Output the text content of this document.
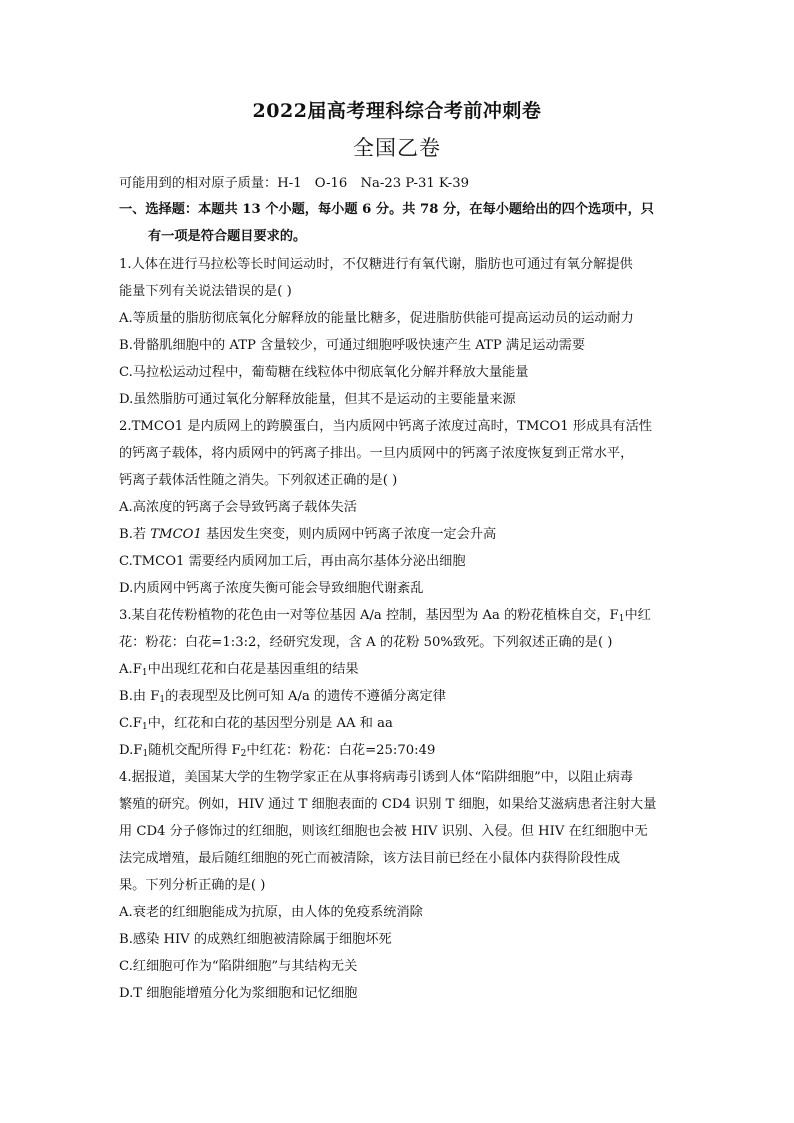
2022届高考理科综合考前冲刺卷
全国乙卷
可能用到的相对原子质量：H-1　O-16　Na-23 P-31 K-39
一、选择题：本题共 13 个小题，每小题 6 分。共 78 分，在每小题给出的四个选项中，只
有一项是符合题目要求的。
1.人体在进行马拉松等长时间运动时，不仅糖进行有氧代谢，脂肪也可通过有氧分解提供
能量下列有关说法错误的是( )
A.等质量的脂肪彻底氧化分解释放的能量比糖多，促进脂肪供能可提高运动员的运动耐力
B.骨骼肌细胞中的 ATP 含量较少，可通过细胞呼吸快速产生 ATP 满足运动需要
C.马拉松运动过程中，葡萄糖在线粒体中彻底氧化分解并释放大量能量
D.虽然脂肪可通过氧化分解释放能量，但其不是运动的主要能量来源
2.TMCO1 是内质网上的跨膜蛋白，当内质网中钙离子浓度过高时，TMCO1 形成具有活性
的钙离子载体，将内质网中的钙离子排出。一旦内质网中的钙离子浓度恢复到正常水平，
钙离子载体活性随之消失。下列叙述正确的是( )
A.高浓度的钙离子会导致钙离子载体失活
B.若 TMCO1 基因发生突变，则内质网中钙离子浓度一定会升高
C.TMCO1 需要经内质网加工后，再由高尔基体分泌出细胞
D.内质网中钙离子浓度失衡可能会导致细胞代谢紊乱
3.某自花传粉植物的花色由一对等位基因 A/a 控制，基因型为 Aa 的粉花植株自交，$F_1$中红
花：粉花：白花=1:3:2，经研究发现，含 A 的花粉 50%致死。下列叙述正确的是( )
$A.F_1$中出现红花和白花是基因重组的结果
B.由 $F_1$的表现型及比例可知 A/a 的遗传不遵循分离定律
$C.F_1$中，红花和白花的基因型分别是 AA 和 aa
$D.F_1$随机交配所得 $F_2$中红花：粉花：白花=25:70:49
4.据报道，美国某大学的生物学家正在从事将病毒引诱到人体“陷阱细胞”中，以阻止病毒
繁殖的研究。例如，HIV 通过 T 细胞表面的 CD4 识别 T 细胞，如果给艾滋病患者注射大量
用 CD4 分子修饰过的红细胞，则该红细胞也会被 HIV 识别、入侵。但 HIV 在红细胞中无
法完成增殖，最后随红细胞的死亡而被清除，该方法目前已经在小鼠体内获得阶段性成
果。下列分析正确的是( )
A.衰老的红细胞能成为抗原，由人体的免疫系统消除
B.感染 HIV 的成熟红细胞被清除属于细胞坏死
C.红细胞可作为“陷阱细胞”与其结构无关
D.T 细胞能增殖分化为浆细胞和记忆细胞
